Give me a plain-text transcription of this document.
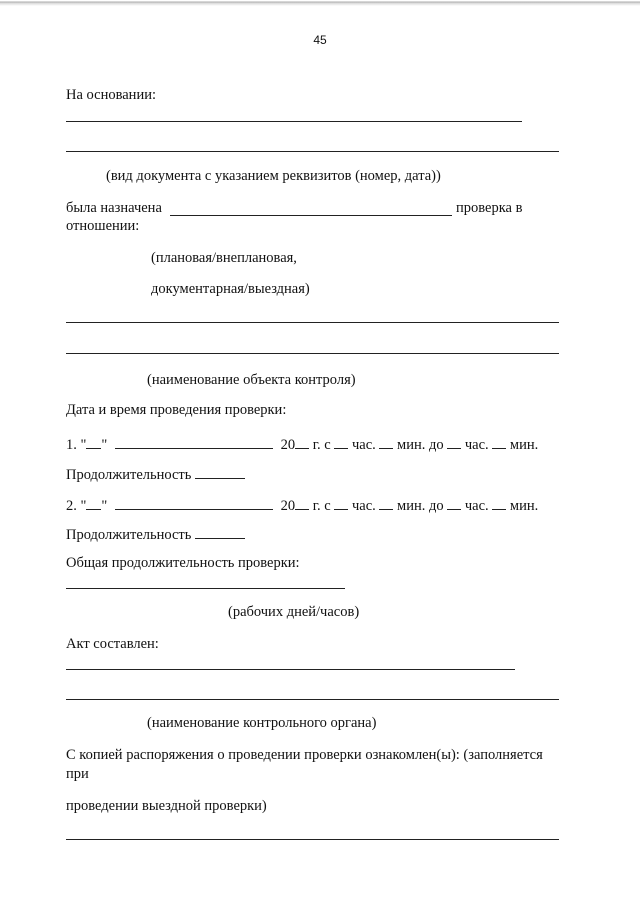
45
На основании:
(вид документа с указанием реквизитов (номер, дата))
была назначена	проверка в
отношении:
(плановая/внеплановая,
документарная/выездная)
(наименование объекта контроля)
Дата и время проведения проверки:
1. " "	20 г. с час. мин. до час. мин.
Продолжительность
2. " "	20 г. с час. мин. до час. мин.
Продолжительность
Общая продолжительность проверки:
(рабочих дней/часов)
Акт составлен:
(наименование контрольного органа)
С копией распоряжения о проведении проверки ознакомлен(ы): (заполняется
при
проведении выездной проверки)
